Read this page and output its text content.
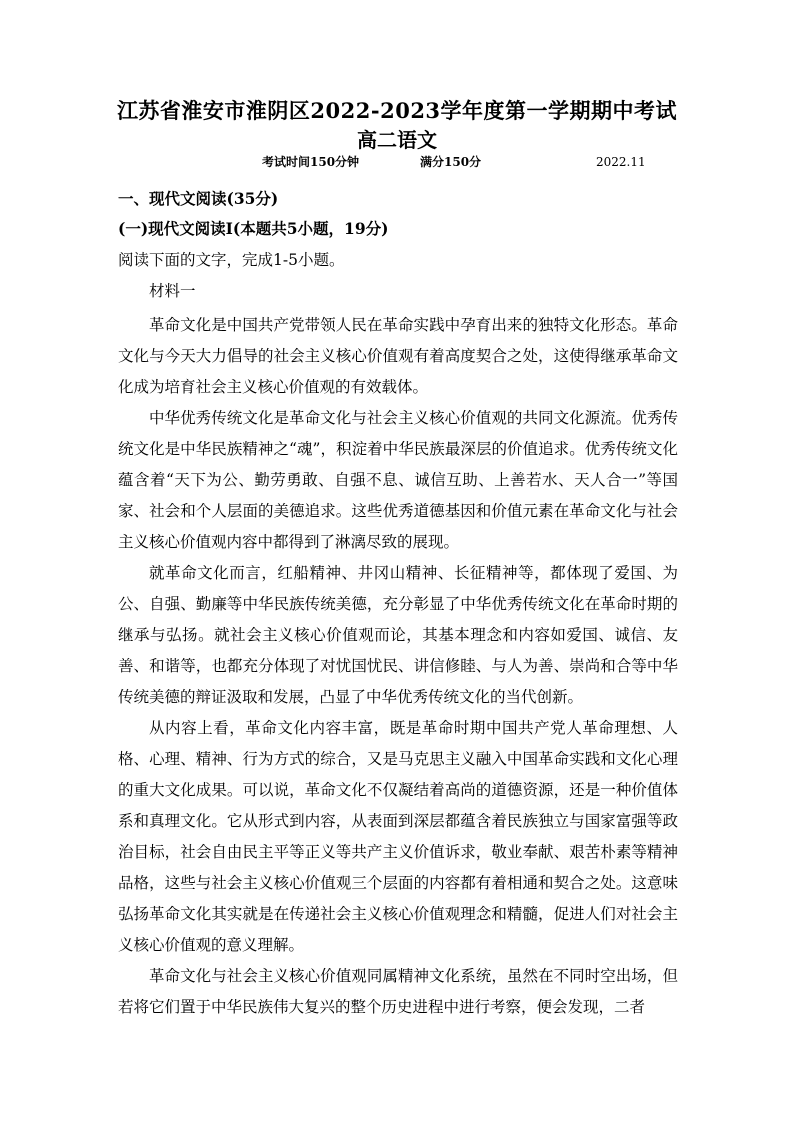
江苏省淮安市淮阴区2022-2023学年度第一学期期中考试
高二语文
考试时间150分钟	满分150分	2022.11
一、现代文阅读(35分)
(一)现代文阅读Ⅰ(本题共5小题，19分)
阅读下面的文字，完成1-5小题。
材料一

革命文化是中国共产党带领人民在革命实践中孕育出来的独特文化形态。革命文化与今天大力倡导的社会主义核心价值观有着高度契合之处，这使得继承革命文化成为培育社会主义核心价值观的有效载体。

中华优秀传统文化是革命文化与社会主义核心价值观的共同文化源流。优秀传统文化是中华民族精神之“魂”，积淀着中华民族最深层的价值追求。优秀传统文化蕴含着“天下为公、勤劳勇敢、自强不息、诚信互助、上善若水、天人合一”等国家、社会和个人层面的美德追求。这些优秀道德基因和价值元素在革命文化与社会主义核心价值观内容中都得到了淋漓尽致的展现。

就革命文化而言，红船精神、井冈山精神、长征精神等，都体现了爱国、为公、自强、勤廉等中华民族传统美德，充分彰显了中华优秀传统文化在革命时期的继承与弘扬。就社会主义核心价值观而论，其基本理念和内容如爱国、诚信、友善、和谐等，也都充分体现了对忧国忧民、讲信修睦、与人为善、崇尚和合等中华传统美德的辩证汲取和发展，凸显了中华优秀传统文化的当代创新。

从内容上看，革命文化内容丰富，既是革命时期中国共产党人革命理想、人格、心理、精神、行为方式的综合，又是马克思主义融入中国革命实践和文化心理的重大文化成果。可以说，革命文化不仅凝结着高尚的道德资源，还是一种价值体系和真理文化。它从形式到内容，从表面到深层都蕴含着民族独立与国家富强等政治目标，社会自由民主平等正义等共产主义价值诉求，敬业奉献、艰苦朴素等精神品格，这些与社会主义核心价值观三个层面的内容都有着相通和契合之处。这意味弘扬革命文化其实就是在传递社会主义核心价值观理念和精髓，促进人们对社会主义核心价值观的意义理解。

革命文化与社会主义核心价值观同属精神文化系统，虽然在不同时空出场，但若将它们置于中华民族伟大复兴的整个历史进程中进行考察，便会发现，二者
